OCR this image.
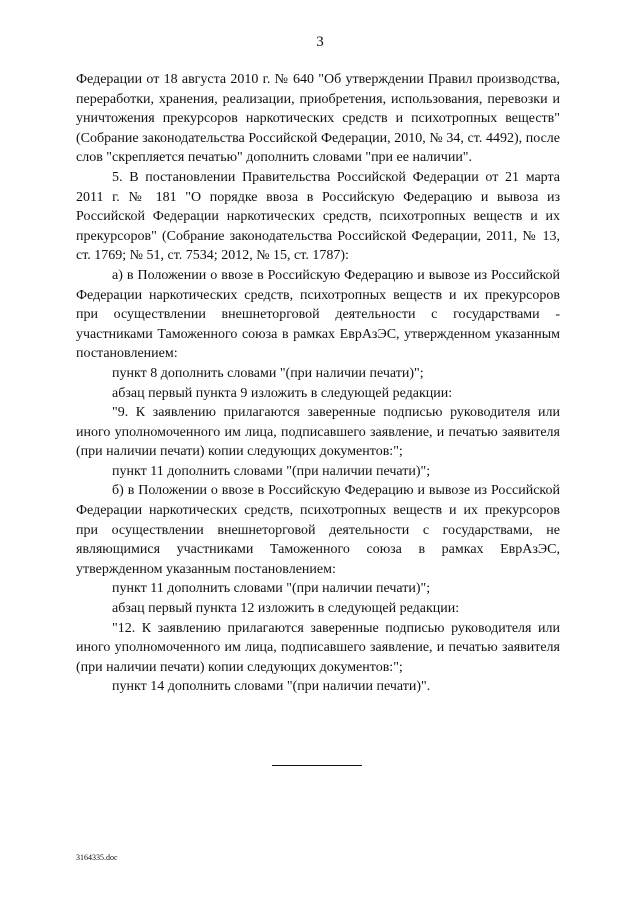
3

Федерации от 18 августа 2010 г. № 640 "Об утверждении Правил производства, переработки, хранения, реализации, приобретения, использования, перевозки и уничтожения прекурсоров наркотических средств и психотропных веществ" (Собрание законодательства Российской Федерации, 2010, № 34, ст. 4492), после слов "скрепляется печатью" дополнить словами "при ее наличии".

5. В постановлении Правительства Российской Федерации от 21 марта 2011 г. № 181 "О порядке ввоза в Российскую Федерацию и вывоза из Российской Федерации наркотических средств, психотропных веществ и их прекурсоров" (Собрание законодательства Российской Федерации, 2011, № 13, ст. 1769; № 51, ст. 7534; 2012, № 15, ст. 1787):

а) в Положении о ввозе в Российскую Федерацию и вывозе из Российской Федерации наркотических средств, психотропных веществ и их прекурсоров при осуществлении внешнеторговой деятельности с государствами - участниками Таможенного союза в рамках ЕврАзЭС, утвержденном указанным постановлением:

пункт 8 дополнить словами "(при наличии печати)";

абзац первый пункта 9 изложить в следующей редакции:

"9. К заявлению прилагаются заверенные подписью руководителя или иного уполномоченного им лица, подписавшего заявление, и печатью заявителя (при наличии печати) копии следующих документов:";

пункт 11 дополнить словами "(при наличии печати)";

б) в Положении о ввозе в Российскую Федерацию и вывозе из Российской Федерации наркотических средств, психотропных веществ и их прекурсоров при осуществлении внешнеторговой деятельности с государствами, не являющимися участниками Таможенного союза в рамках ЕврАзЭС, утвержденном указанным постановлением:

пункт 11 дополнить словами "(при наличии печати)";

абзац первый пункта 12 изложить в следующей редакции:

"12. К заявлению прилагаются заверенные подписью руководителя или иного уполномоченного им лица, подписавшего заявление, и печатью заявителя (при наличии печати) копии следующих документов:";

пункт 14 дополнить словами "(при наличии печати)".

3164335.doc
